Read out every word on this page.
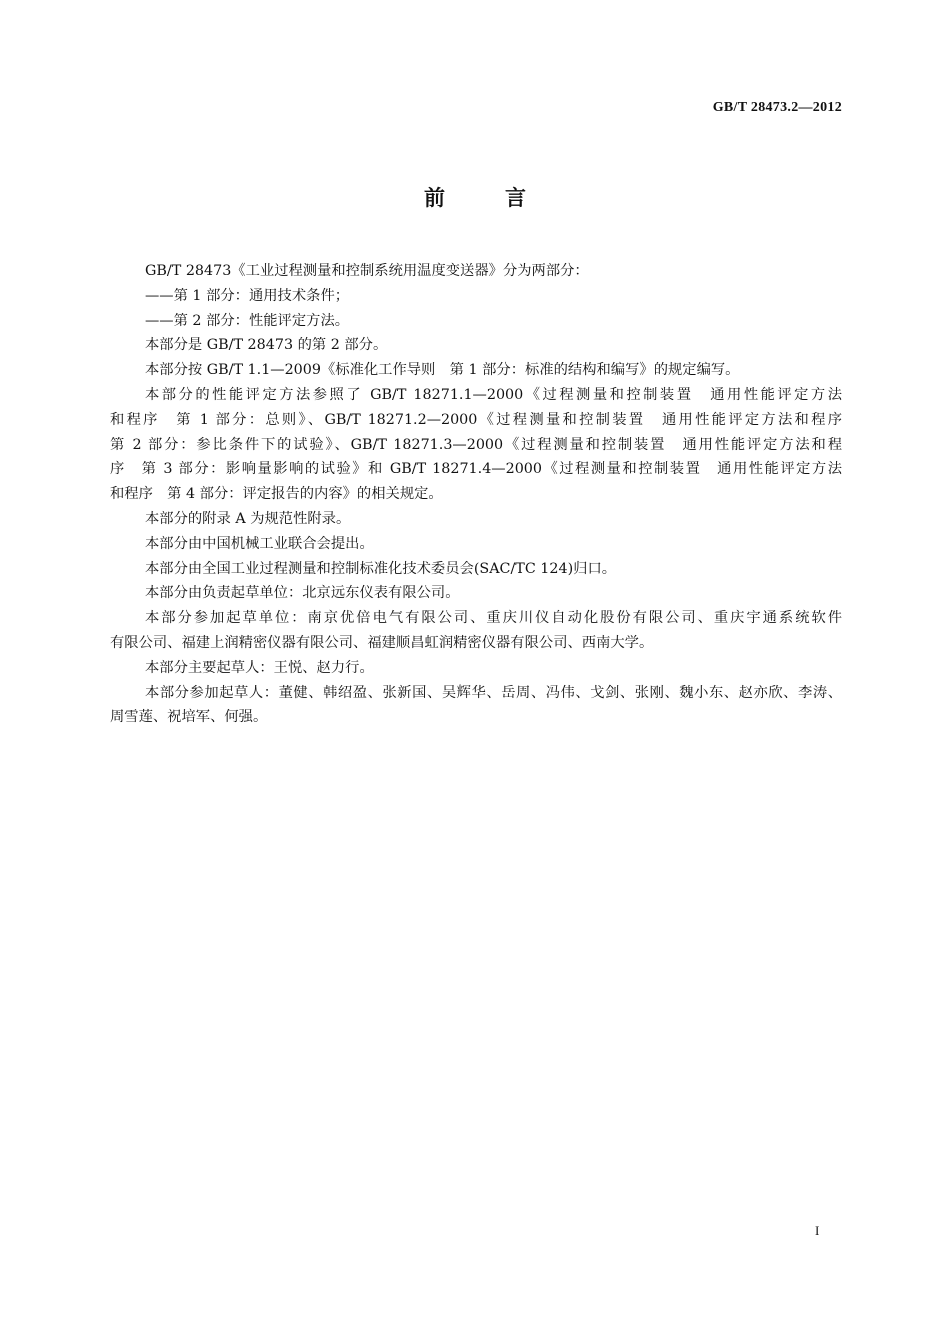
GB/T 28473.2—2012
前	言
GB/T 28473《工业过程测量和控制系统用温度变送器》分为两部分：
——第 1 部分：通用技术条件；
——第 2 部分：性能评定方法。
本部分是 GB/T 28473 的第 2 部分。
本部分按 GB/T 1.1—2009《标准化工作导则　第 1 部分：标准的结构和编写》的规定编写。
本部分的性能评定方法参照了 GB/T 18271.1—2000《过程测量和控制装置　通用性能评定方法
和程序　第 1 部分：总则》、GB/T 18271.2—2000《过程测量和控制装置　通用性能评定方法和程序
第 2 部分：参比条件下的试验》、GB/T 18271.3—2000《过程测量和控制装置　通用性能评定方法和程
序　第 3 部分：影响量影响的试验》和 GB/T 18271.4—2000《过程测量和控制装置　通用性能评定方法
和程序　第 4 部分：评定报告的内容》的相关规定。
本部分的附录 A 为规范性附录。
本部分由中国机械工业联合会提出。
本部分由全国工业过程测量和控制标准化技术委员会(SAC/TC 124)归口。
本部分由负责起草单位：北京远东仪表有限公司。
本部分参加起草单位：南京优倍电气有限公司、重庆川仪自动化股份有限公司、重庆宇通系统软件
有限公司、福建上润精密仪器有限公司、福建顺昌虹润精密仪器有限公司、西南大学。
本部分主要起草人：王悦、赵力行。
本部分参加起草人：董健、韩绍盈、张新国、吴辉华、岳周、冯伟、戈剑、张刚、魏小东、赵亦欣、李涛、
周雪莲、祝培军、何强。
I
